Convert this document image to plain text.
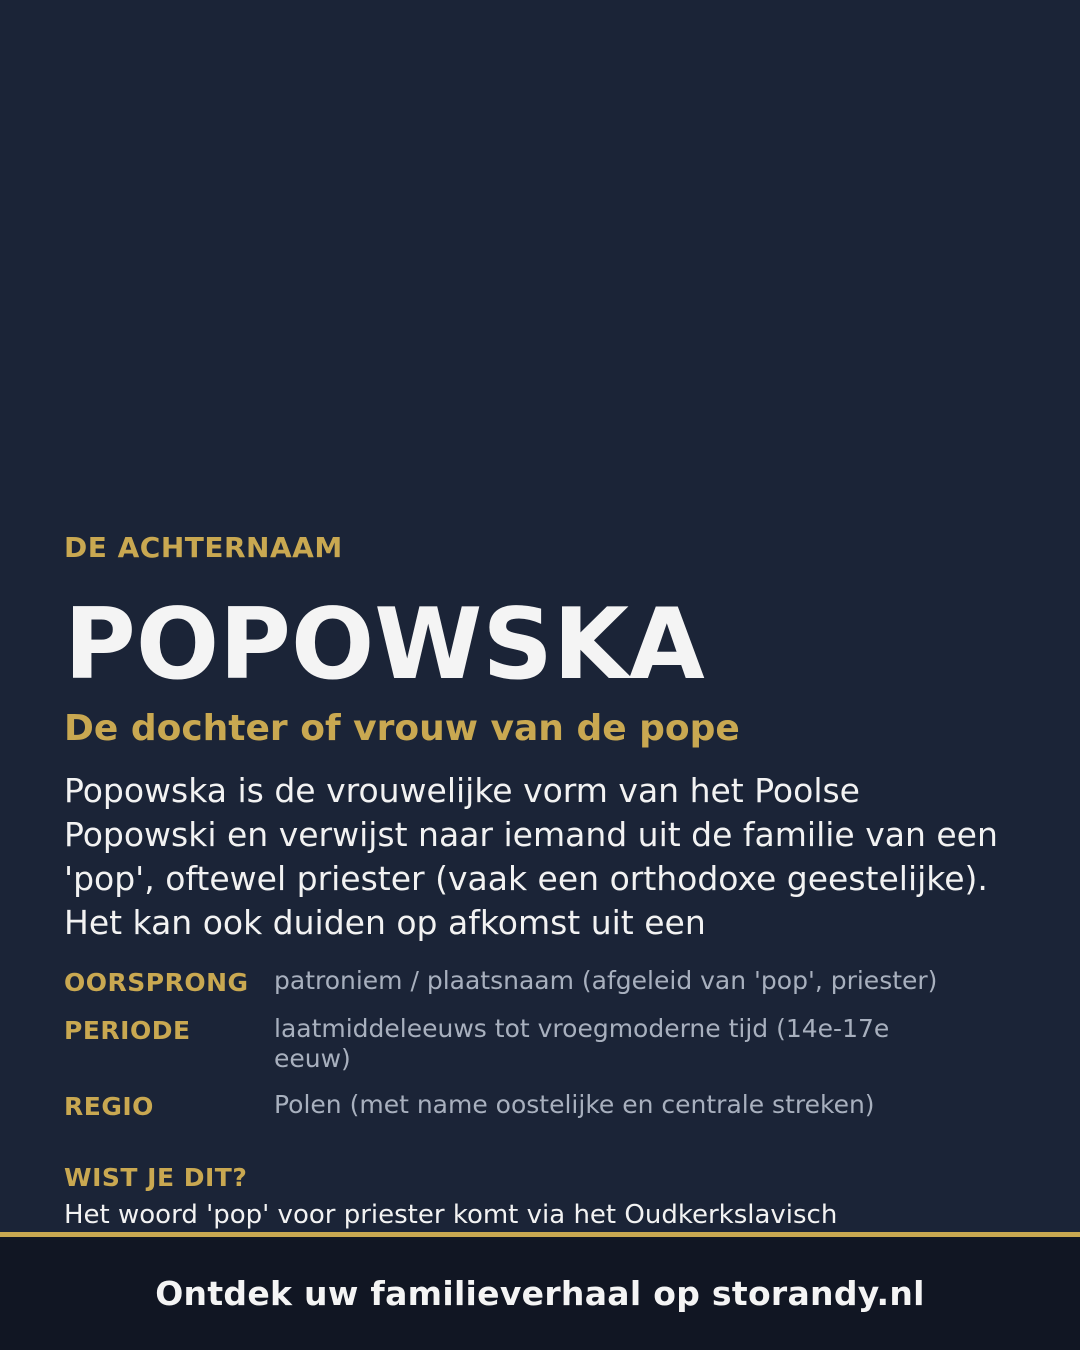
DE ACHTERNAAM
POPOWSKA
De dochter of vrouw van de pope

Popowska is de vrouwelijke vorm van het Poolse Popowski en verwijst naar iemand uit de familie van een 'pop', oftewel priester (vaak een orthodoxe geestelijke). Het kan ook duiden op afkomst uit een

OORSPRONG	patroniem / plaatsnaam (afgeleid van 'pop', priester)
PERIODE	laatmiddeleeuws tot vroegmoderne tijd (14e-17e eeuw)
REGIO	Polen (met name oostelijke en centrale streken)
WIST JE DIT?
Het woord 'pop' voor priester komt via het Oudkerkslavisch
Ontdek uw familieverhaal op storandy.nl
